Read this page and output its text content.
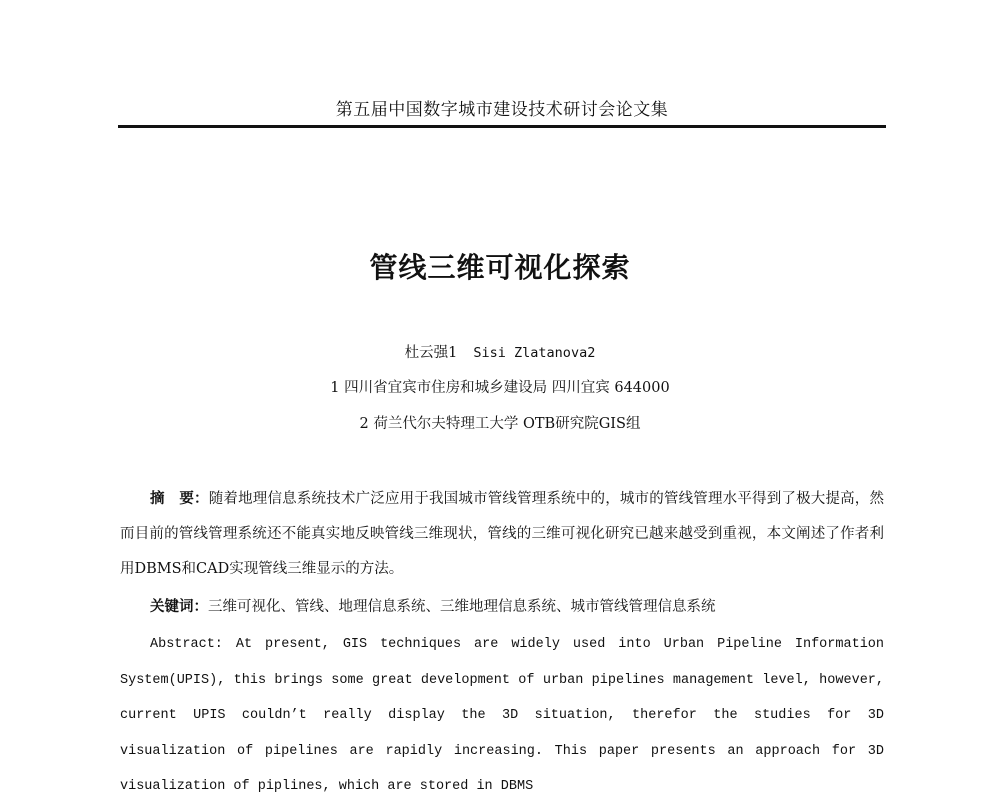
第五届中国数字城市建设技术研讨会论文集
管线三维可视化探索
杜云强1 Sisi Zlatanova2
1 四川省宜宾市住房和城乡建设局 四川宜宾 644000
2 荷兰代尔夫特理工大学 OTB研究院GIS组
摘　要：随着地理信息系统技术广泛应用于我国城市管线管理系统中的，城市的管线管理水平得到了极大提高，然而目前的管线管理系统还不能真实地反映管线三维现状，管线的三维可视化研究已越来越受到重视，本文阐述了作者利用DBMS和CAD实现管线三维显示的方法。
关键词：三维可视化、管线、地理信息系统、三维地理信息系统、城市管线管理信息系统
Abstract: At present, GIS techniques are widely used into Urban Pipeline Information System(UPIS), this brings some great development of urban pipelines management level, however, current UPIS couldn’t really display the 3D situation, therefor the studies for 3D visualization of pipelines are rapidly increasing. This paper presents an approach for 3D visualization of piplines, which are stored in DBMS
